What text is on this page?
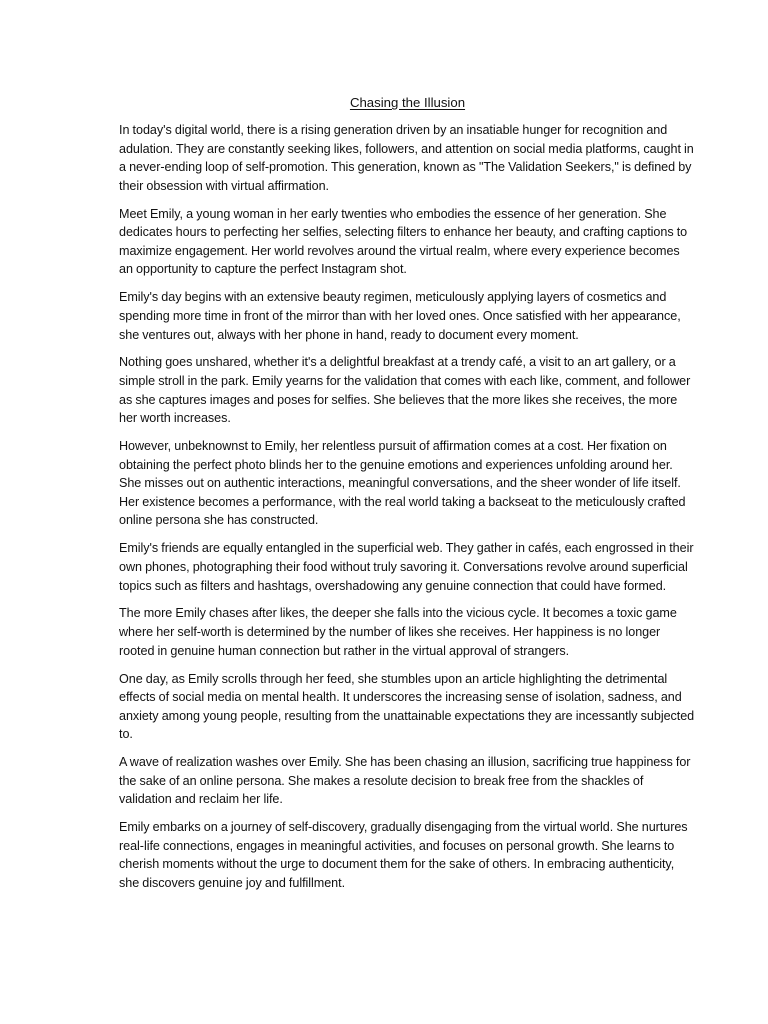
Chasing the Illusion

In today's digital world, there is a rising generation driven by an insatiable hunger for recognition and adulation. They are constantly seeking likes, followers, and attention on social media platforms, caught in a never-ending loop of self-promotion. This generation, known as "The Validation Seekers," is defined by their obsession with virtual affirmation.

Meet Emily, a young woman in her early twenties who embodies the essence of her generation. She dedicates hours to perfecting her selfies, selecting filters to enhance her beauty, and crafting captions to maximize engagement. Her world revolves around the virtual realm, where every experience becomes an opportunity to capture the perfect Instagram shot.

Emily's day begins with an extensive beauty regimen, meticulously applying layers of cosmetics and spending more time in front of the mirror than with her loved ones. Once satisfied with her appearance, she ventures out, always with her phone in hand, ready to document every moment.

Nothing goes unshared, whether it's a delightful breakfast at a trendy café, a visit to an art gallery, or a simple stroll in the park. Emily yearns for the validation that comes with each like, comment, and follower as she captures images and poses for selfies. She believes that the more likes she receives, the more her worth increases.

However, unbeknownst to Emily, her relentless pursuit of affirmation comes at a cost. Her fixation on obtaining the perfect photo blinds her to the genuine emotions and experiences unfolding around her. She misses out on authentic interactions, meaningful conversations, and the sheer wonder of life itself. Her existence becomes a performance, with the real world taking a backseat to the meticulously crafted online persona she has constructed.

Emily's friends are equally entangled in the superficial web. They gather in cafés, each engrossed in their own phones, photographing their food without truly savoring it. Conversations revolve around superficial topics such as filters and hashtags, overshadowing any genuine connection that could have formed.

The more Emily chases after likes, the deeper she falls into the vicious cycle. It becomes a toxic game where her self-worth is determined by the number of likes she receives. Her happiness is no longer rooted in genuine human connection but rather in the virtual approval of strangers.

One day, as Emily scrolls through her feed, she stumbles upon an article highlighting the detrimental effects of social media on mental health. It underscores the increasing sense of isolation, sadness, and anxiety among young people, resulting from the unattainable expectations they are incessantly subjected to.

A wave of realization washes over Emily. She has been chasing an illusion, sacrificing true happiness for the sake of an online persona. She makes a resolute decision to break free from the shackles of validation and reclaim her life.

Emily embarks on a journey of self-discovery, gradually disengaging from the virtual world. She nurtures real-life connections, engages in meaningful activities, and focuses on personal growth. She learns to cherish moments without the urge to document them for the sake of others. In embracing authenticity, she discovers genuine joy and fulfillment.
